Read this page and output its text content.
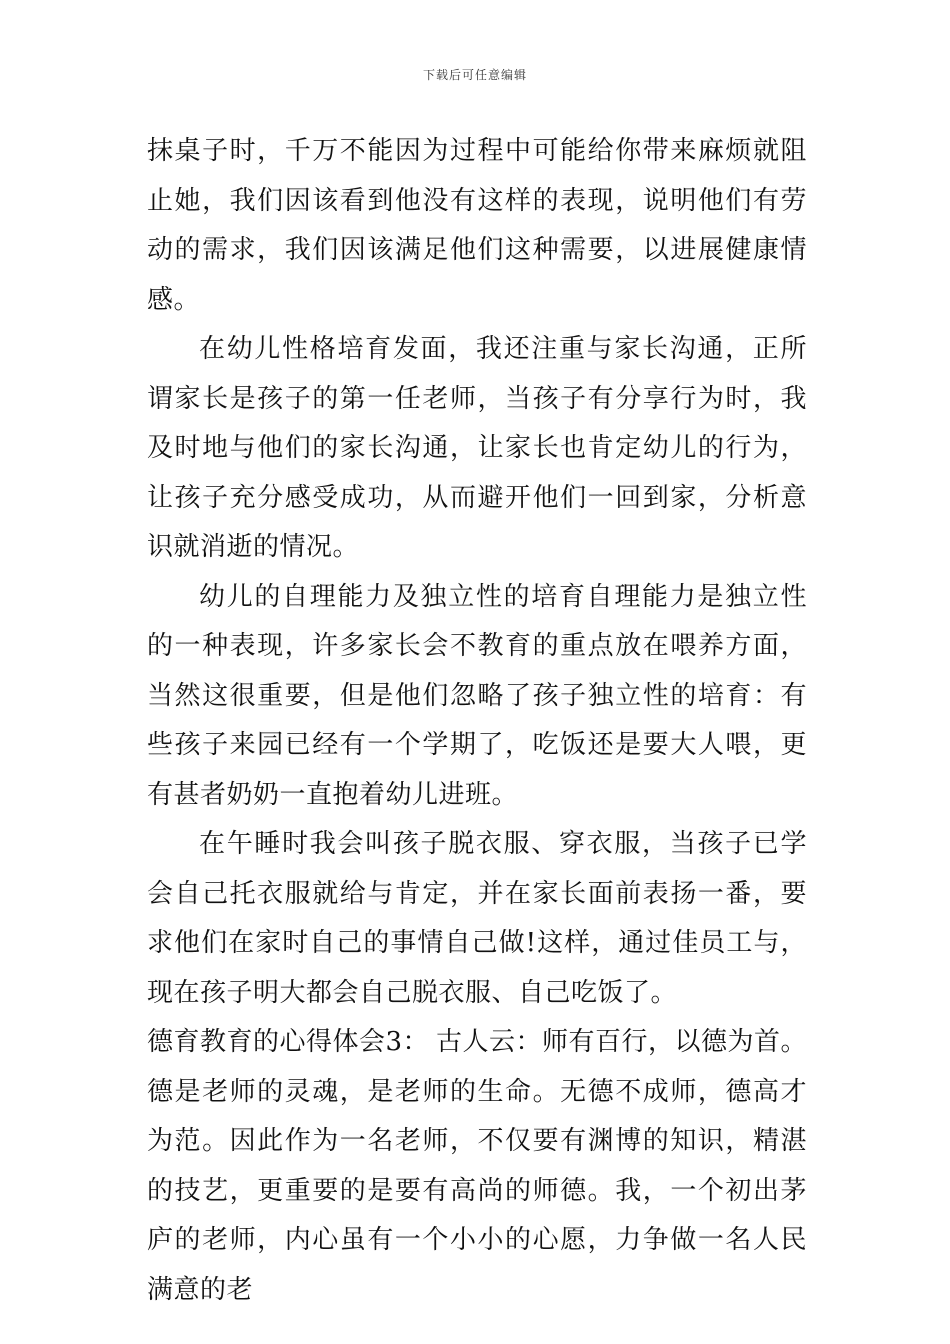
下载后可任意编辑

抹桌子时，千万不能因为过程中可能给你带来麻烦就阻止她，我们因该看到他没有这样的表现，说明他们有劳动的需求，我们因该满足他们这种需要，以进展健康情感。

在幼儿性格培育发面，我还注重与家长沟通，正所谓家长是孩子的第一任老师，当孩子有分享行为时，我及时地与他们的家长沟通，让家长也肯定幼儿的行为，让孩子充分感受成功，从而避开他们一回到家，分析意识就消逝的情况。

幼儿的自理能力及独立性的培育自理能力是独立性的一种表现，许多家长会不教育的重点放在喂养方面，当然这很重要，但是他们忽略了孩子独立性的培育：有些孩子来园已经有一个学期了，吃饭还是要大人喂，更有甚者奶奶一直抱着幼儿进班。

在午睡时我会叫孩子脱衣服、穿衣服，当孩子已学会自己托衣服就给与肯定，并在家长面前表扬一番，要求他们在家时自己的事情自己做!这样，通过佳员工与，现在孩子明大都会自己脱衣服、自己吃饭了。

德育教育的心得体会3： 古人云：师有百行，以德为首。

德是老师的灵魂，是老师的生命。无德不成师，德高才为范。因此作为一名老师，不仅要有渊博的知识，精湛的技艺，更重要的是要有高尚的师德。我，一个初出茅庐的老师，内心虽有一个小小的心愿，力争做一名人民满意的老
